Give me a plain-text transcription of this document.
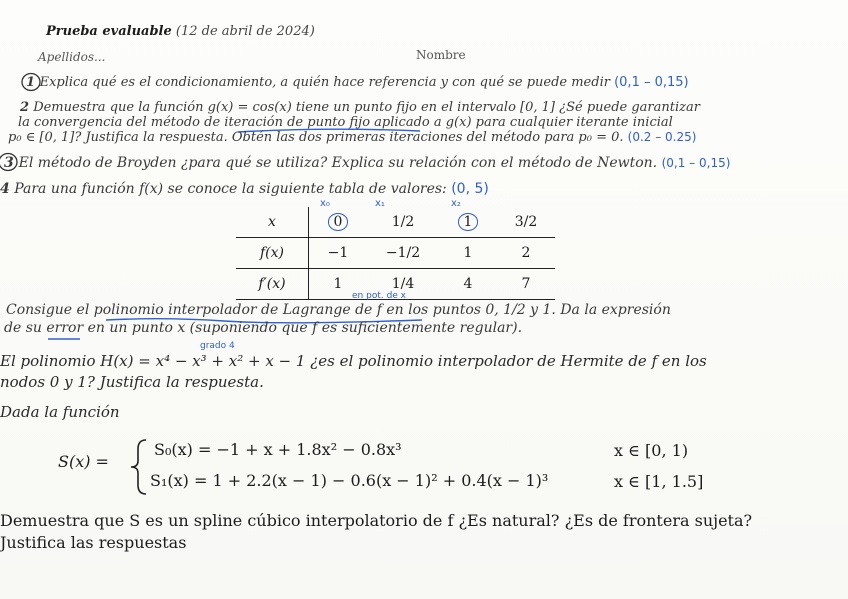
Prueba evaluable (12 de abril de 2024)
Apellidos...	Nombre
1 Explica qué es el condicionamiento, a quién hace referencia y con qué se puede medir (0,1 – 0,15)
2 Demuestra que la función g(x) = cos(x) tiene un punto fijo en el intervalo [0, 1] ¿Sé puede garantizar
la convergencia del método de iteración de punto fijo aplicado a g(x) para cualquier iterante inicial
p₀ ∈ [0, 1]? Justifica la respuesta. Obtén las dos primeras iteraciones del método para p₀ = 0. (0.2 – 0.25)
3 El método de Broyden ¿para qué se utiliza? Explica su relación con el método de Newton. (0,1 – 0,15)
4 Para una función f(x) se conoce la siguiente tabla de valores: (0, 5)
x₀	x₁	x₂
x	0	1/2	1	3/2
f(x)	−1	−1/2	1	2
f′(x)	1	1/4	4	7
en pot. de x
Consigue el polinomio interpolador de Lagrange de f en los puntos 0, 1/2 y 1. Da la expresión
de su error en un punto x (suponiendo que f es suficientemente regular).
grado 4
El polinomio H(x) = x⁴ − x³ + x² + x − 1 ¿es el polinomio interpolador de Hermite de f en los
nodos 0 y 1? Justifica la respuesta.
Dada la función
S(x) =
S₀(x) = −1 + x + 1.8x² − 0.8x³	x ∈ [0, 1)
S₁(x) = 1 + 2.2(x − 1) − 0.6(x − 1)² + 0.4(x − 1)³	x ∈ [1, 1.5]
Demuestra que S es un spline cúbico interpolatorio de f ¿Es natural? ¿Es de frontera sujeta?
Justifica las respuestas
